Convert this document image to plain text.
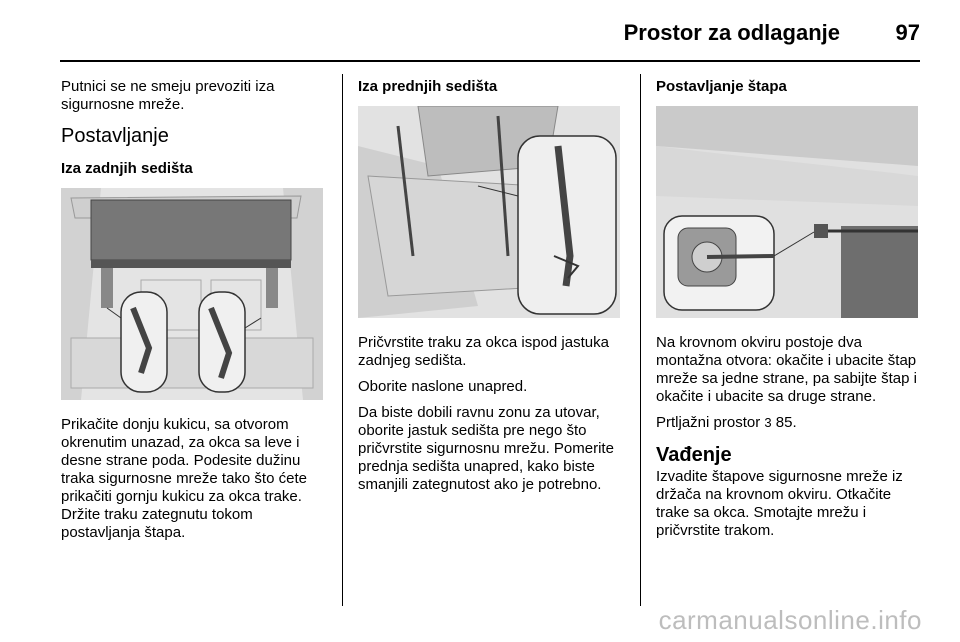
Prostor za odlaganje	97

Putnici se ne smeju prevoziti iza sigurnosne mreže.

Postavljanje
Iza zadnjih sedišta

Prikačite donju kukicu, sa otvorom okrenutim unazad, za okca sa leve i desne strane poda. Podesite dužinu traka sigurnosne mreže tako što ćete prikačiti gornju kukicu za okca trake. Držite traku zategnutu tokom postavljanja štapa.

Iza prednjih sedišta

Pričvrstite traku za okca ispod jastuka zadnjeg sedišta.

Oborite naslone unapred.

Da biste dobili ravnu zonu za utovar, oborite jastuk sedišta pre nego što pričvrstite sigurnosnu mrežu. Pomerite prednja sedišta unapred, kako biste smanjili zategnutost ako je potrebno.

Postavljanje štapa

Na krovnom okviru postoje dva montažna otvora: okačite i ubacite štap mreže sa jedne strane, pa sabijte štap i okačite i ubacite sa druge strane.

Prtljažni prostor 3 85.

Vađenje

Izvadite štapove sigurnosne mreže iz držača na krovnom okviru. Otkačite trake sa okca. Smotajte mrežu i pričvrstite trakom.

carmanualsonline.info
